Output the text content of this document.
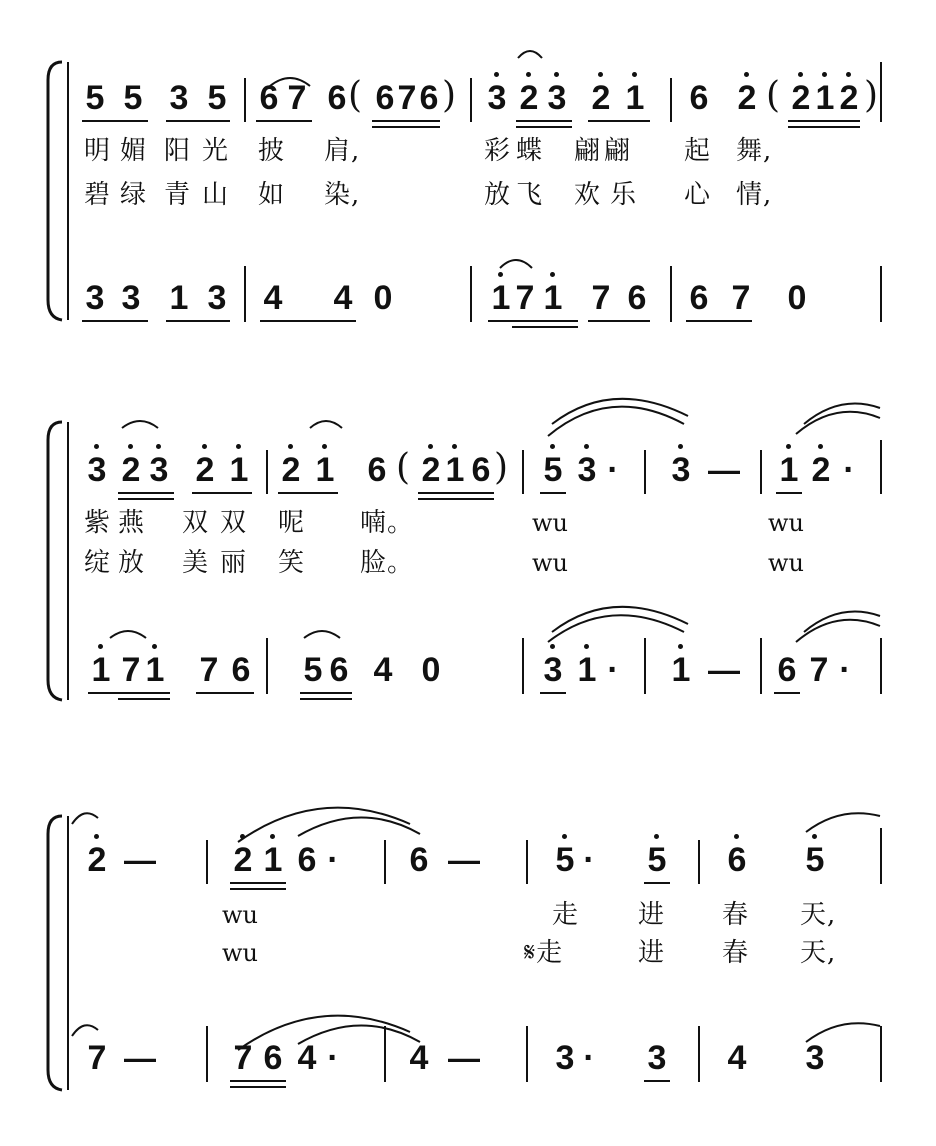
5 5 3 5 6 7 6 ( 6 7 6 ) 3 2 3 2 1 6 2 ( 2 1 2 )
明 媚 阳 光 披 肩,	彩 蝶 翩 翩 起 舞,
碧 绿 青 山 如 染,	放 飞 欢 乐 心 情,
3 3 1 3 4 4 0	1 7 1 7 6 6 7 0
3 2 3 2 1 2 1 6 ( 2 1 6 ) 5 3 · 3 — 1 2 ·
紫 燕 双 双 呢 喃。	wu	wu
绽 放 美 丽 笑 脸。	wu	wu
1 7 1 7 6 5 6 4 0	3 1 · 1 — 6 7 ·
2 — 2 1 6 · 6 — 5 · 5 6 5
wu	走 进 春 天,
wu	𝄋走	进 春 天,
7 — 7 6 4 · 4 — 3 · 3 4 3
